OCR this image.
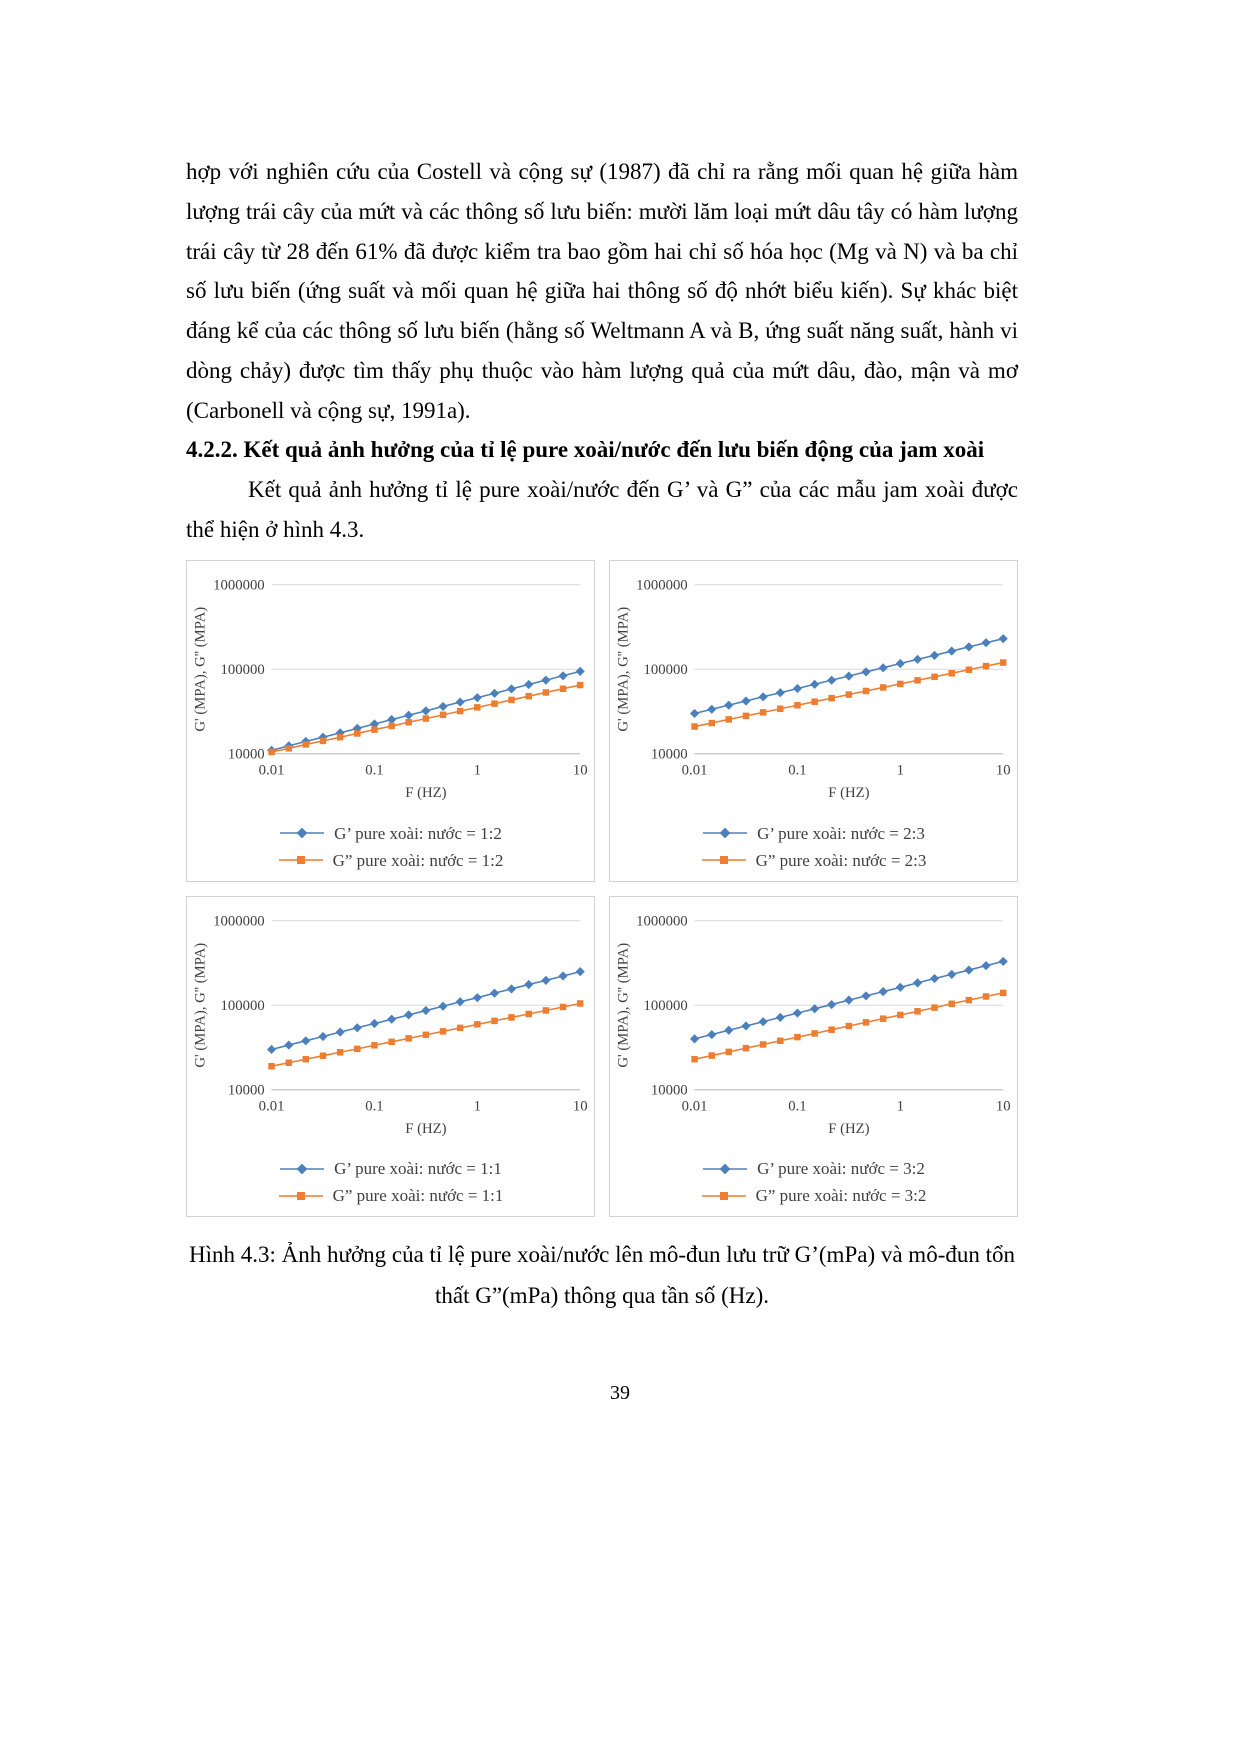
hợp với nghiên cứu của Costell và cộng sự (1987) đã chỉ ra rằng mối quan hệ giữa hàm lượng trái cây của mứt và các thông số lưu biến: mười lăm loại mứt dâu tây có hàm lượng trái cây từ 28 đến 61% đã được kiểm tra bao gồm hai chỉ số hóa học (Mg và N) và ba chỉ số lưu biến (ứng suất và mối quan hệ giữa hai thông số độ nhớt biểu kiến). Sự khác biệt đáng kể của các thông số lưu biến (hằng số Weltmann A và B, ứng suất năng suất, hành vi dòng chảy) được tìm thấy phụ thuộc vào hàm lượng quả của mứt dâu, đào, mận và mơ (Carbonell và cộng sự, 1991a).

4.2.2. Kết quả ảnh hưởng của tỉ lệ pure xoài/nước đến lưu biến động của jam xoài

Kết quả ảnh hưởng tỉ lệ pure xoài/nước đến G’ và G” của các mẫu jam xoài được thể hiện ở hình 4.3.

10000
100000
1000000
0.01	0.1	1	10
F (HZ)
G' (MPA), G'' (MPA)
G’ pure xoài: nước = 1:2
G” pure xoài: nước = 1:2
10000
100000
1000000
0.01	0.1	1	10
F (HZ)
G' (MPA), G'' (MPA)
G’ pure xoài: nước = 2:3
G” pure xoài: nước = 2:3
10000
100000
1000000
0.01	0.1	1	10
F (HZ)
G' (MPA), G'' (MPA)
G’ pure xoài: nước = 1:1
G” pure xoài: nước = 1:1
10000
100000
1000000
0.01	0.1	1	10
F (HZ)
G' (MPA), G'' (MPA)
G’ pure xoài: nước = 3:2
G” pure xoài: nước = 3:2

Hình 4.3: Ảnh hưởng của tỉ lệ pure xoài/nước lên mô-đun lưu trữ G’(mPa) và mô-đun tổn thất G”(mPa) thông qua tần số (Hz).

39
